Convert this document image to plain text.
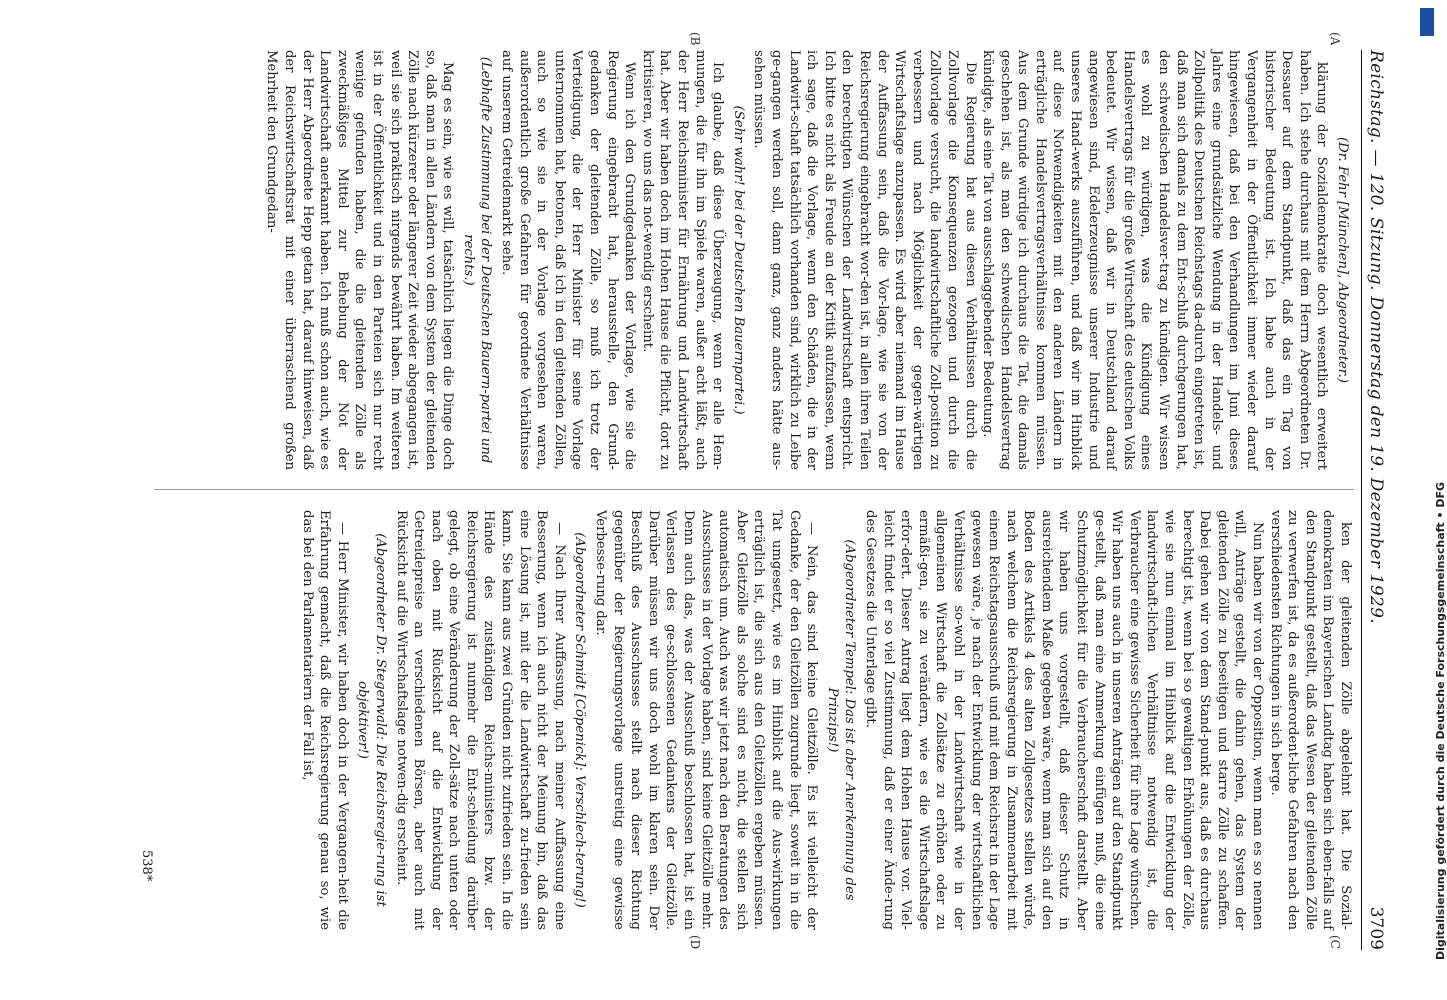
Reichstag. — 120. Sitzung. Donnerstag den 19. Dezember 1929.
3709
(A
(B
(C
(D

(Dr. Fehr [München], Abgeordneter.)

klärung der Sozialdemokratie doch wesentlich erweitert haben. Ich stehe durchaus mit dem Herrn Abgeordneten Dr. Dessauer auf dem Standpunkt, daß das ein Tag von historischer Bedeutung ist. Ich habe auch in der Vergangenheit in der Öffentlichkeit immer wieder darauf hingewiesen, daß bei den Verhandlungen im Juni dieses Jahres eine grundsätzliche Wendung in der Handels- und Zollpolitik des Deutschen Reichstags da-durch eingetreten ist, daß man sich damals zu dem Ent-schluß durchgerungen hat, den schwedischen Handelsver-trag zu kündigen. Wir wissen es wohl zu würdigen, was die Kündigung eines Handelsvertrags für die große Wirtschaft des deutschen Volks bedeutet. Wir wissen, daß wir in Deutschland darauf angewiesen sind, Edelerzeugnisse unserer Industrie und unseres Hand-werks auszuführen, und daß wir im Hinblick auf diese Notwendigkeiten mit den anderen Ländern in erträgliche Handelsvertragsverhältnisse kommen müssen. Aus dem Grunde würdige ich durchaus die Tat, die damals geschehen ist, als man den schwedischen Handelsvertrag kündigte, als eine Tat von ausschlaggebender Bedeutung.

Die Regierung hat aus diesen Verhältnissen durch die Zollvorlage die Konsequenzen gezogen und durch die Zollvorlage versucht, die landwirtschaftliche Zoll-position zu verbessern und nach Möglichkeit der gegen-wärtigen Wirtschaftslage anzupassen. Es wird aber niemand im Hause der Auffassung sein, daß die Vor-lage, wie sie von der Reichsregierung eingebracht wor-den ist, in allen ihren Teilen den berechtigten Wünschen der Landwirtschaft entspricht. Ich bitte es nicht als Freude an der Kritik aufzufassen, wenn ich sage, daß die Vorlage, wenn den Schäden, die in der Landwirt-schaft tatsächlich vorhanden sind, wirklich zu Leibe ge-gangen werden soll, dann ganz, ganz anders hätte aus-sehen müssen.

(Sehr wahr! bei der Deutschen Bauernpartei.)

Ich glaube, daß diese Überzeugung, wenn er alle Hem-mungen, die für ihn im Spiele waren, außer acht läßt, auch der Herr Reichsminister für Ernährung und Landwirtschaft hat. Aber wir haben doch im Hohen Hause die Pflicht, dort zu kritisieren, wo uns das not-wendig erscheint.

Wenn ich den Grundgedanken der Vorlage, wie sie die Regierung eingebracht hat, herausstelle, den Grund-gedanken der gleitenden Zölle, so muß ich trotz der Verteidigung, die der Herr Minister für seine Vorlage unternommen hat, betonen, daß ich in den gleitenden Zöllen, auch so wie sie in der Vorlage vorgesehen waren, außerordentlich große Gefahren für geordnete Verhältnisse auf unserem Getreidemarkt sehe.

(Lebhafte Zustimmung bei der Deutschen Bauern-partei und rechts.)

Mag es sein, wie es will, tatsächlich liegen die Dinge doch so, daß man in allen Ländern von dem System der gleitenden Zölle nach kürzerer oder längerer Zeit wieder abgegangen ist, weil sie sich praktisch nirgends bewährt haben. Im weiteren ist in der Öffentlichkeit und in den Parteien sich nur recht wenige gefunden haben, die die gleitenden Zölle als zweckmäßiges Mittel zur Behebung der Not der Landwirtschaft anerkannt haben. Ich muß schon auch, wie es der Herr Abgeordnete Hepp getan hat, darauf hinweisen, daß der Reichswirtschaftsrat mit einer überraschend großen Mehrheit den Grundgedan-

ken der gleitenden Zölle abgelehnt hat. Die Sozial-demokraten im Bayerischen Landtag haben sich eben-falls auf den Standpunkt gestellt, daß das Wesen der gleitenden Zölle zu verwerfen ist, da es außerordent-liche Gefahren nach den verschiedensten Richtungen in sich berge.

Nun haben wir von der Opposition, wenn man es so nennen will, Anträge gestellt, die dahin gehen, das System der gleitenden Zölle zu beseitigen und starre Zölle zu schaffen. Dabei gehen wir von dem Stand-punkt aus, daß es durchaus berechtigt ist, wenn bei so gewaltigen Erhöhungen der Zölle, wie sie nun einmal im Hinblick auf die Entwicklung der landwirtschaft-lichen Verhältnisse notwendig ist, die Verbraucher eine gewisse Sicherheit für ihre Lage wünschen. Wir haben uns auch in unseren Anträgen auf den Standpunkt ge-stellt, daß man eine Anmerkung einfügen muß, die eine Schutzmöglichkeit für die Verbraucherschaft darstellt. Aber wir haben uns vorgestellt, daß dieser Schutz in ausreichendem Maße gegeben wäre, wenn man sich auf den Boden des Artikels 4 des alten Zollgesetzes stellen würde, nach welchem die Reichsregierung in Zusammenarbeit mit einem Reichstagsausschuß und mit dem Reichsrat in der Lage gewesen wäre, je nach der Entwicklung der wirtschaftlichen Verhältnisse so-wohl in der Landwirtschaft wie in der allgemeinen Wirtschaft die Zollsätze zu erhöhen oder zu ermäßi-gen, sie zu verändern, wie es die Wirtschaftslage erfor-dert. Dieser Antrag liegt dem Hohen Hause vor. Viel-leicht findet er so viel Zustimmung, daß er einer Ände-rung des Gesetzes die Unterlage gibt.

(Abgeordneter Tempel: Das ist aber Anerkennung des Prinzips!)

— Nein, das sind keine Gleitzölle. Es ist vielleicht der Gedanke, der den Gleitzöllen zugrunde liegt, soweit in in die Tat umgesetzt, wie es im Hinblick auf die Aus-wirkungen erträglich ist, die sich aus den Gleitzöllen ergeben müssen. Aber Gleitzölle als solche sind es nicht, die stellen sich automatisch um. Auch was wir jetzt nach den Beratungen des Ausschusses in der Vorlage haben, sind keine Gleitzölle mehr. Denn auch das, was der Ausschuß beschlossen hat, ist ein Verlassen des ge-schlossenen Gedankens der Gleitzölle. Darüber müssen wir uns doch wohl im klaren sein. Der Beschluß des Ausschusses stellt nach dieser Richtung gegenüber der Regierungsvorlage unstreitig eine gewisse Verbesse-rung dar.

(Abgeordneter Schmidt [Cöpenick]: Verschlech-terung!)

— Nach Ihrer Auffassung, nach meiner Auffassung eine Besserung, wenn ich auch nicht der Meinung bin, daß das eine Lösung ist, mit der die Landwirtschaft zu-frieden sein kann. Sie kann aus zwei Gründen nicht zufrieden sein. In die Hände des zuständigen Reichs-ministers bzw. der Reichsregierung ist nunmehr die Ent-scheidung darüber gelegt, ob eine Veränderung der Zoll-sätze nach unten oder nach oben mit Rücksicht auf die Entwicklung der Getreidepreise an verschiedenen Börsen, aber auch mit Rücksicht auf die Wirtschaftslage notwen-dig erscheint.

(Abgeordneter Dr. Stegerwald: Die Reichsregie-rung ist objektiver!)

— Herr Minister, wir haben doch in der Vergangen-heit die Erfahrung gemacht, daß die Reichsregierung genau so, wie das bei den Parlamentariern der Fall ist,

538*	Digitalisierung gefördert durch die Deutsche Forschungsgemeinschaft • DFG
